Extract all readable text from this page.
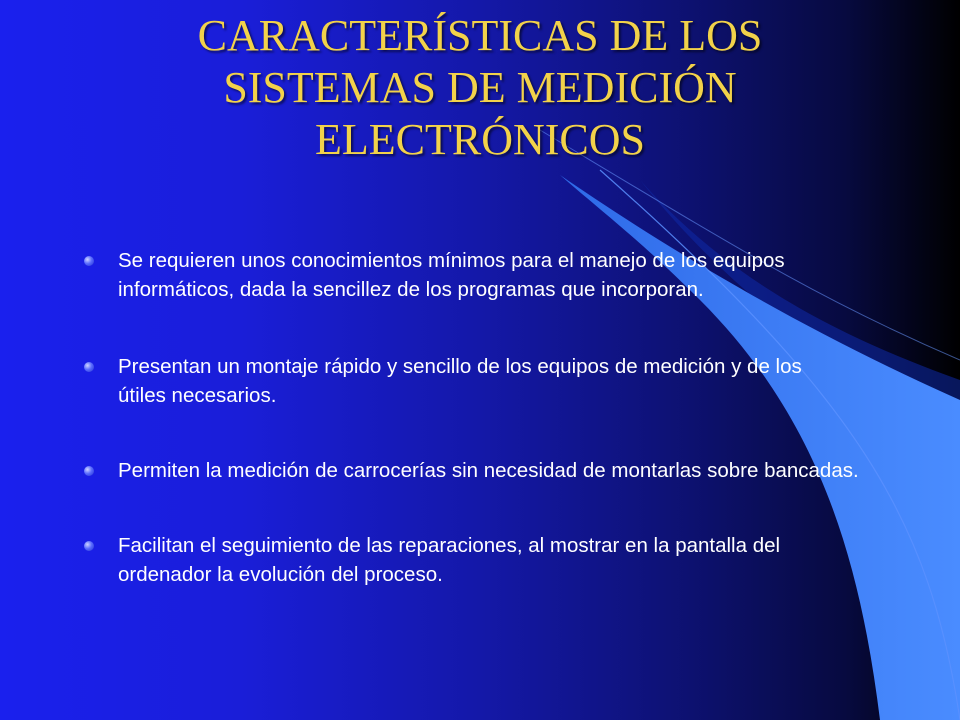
CARACTERÍSTICAS DE LOS
SISTEMAS DE MEDICIÓN
ELECTRÓNICOS
Se requieren unos conocimientos mínimos para el manejo de los equipos informáticos, dada la sencillez de los programas que incorporan.
Presentan un montaje rápido y sencillo de los equipos de medición y de los útiles necesarios.
Permiten la medición de carrocerías sin necesidad de montarlas sobre bancadas.
Facilitan el seguimiento de las reparaciones, al mostrar en la pantalla del ordenador la evolución del proceso.
